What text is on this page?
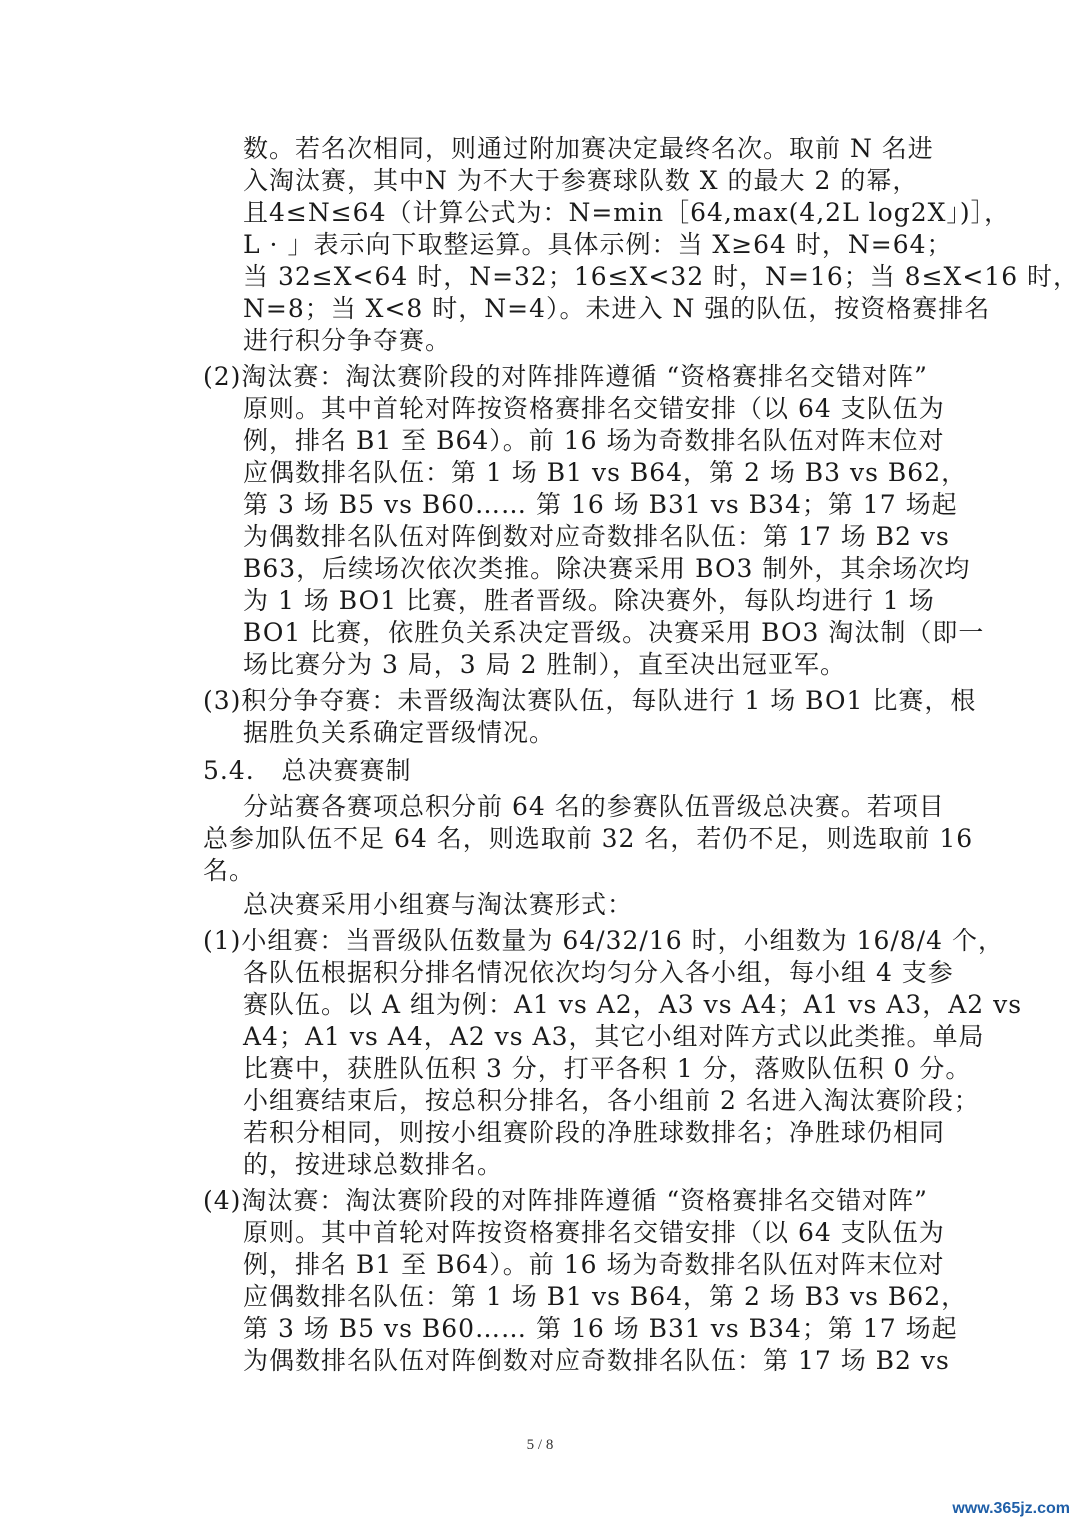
数。若名次相同，则通过附加赛决定最终名次。取前 N 名进
入淘汰赛，其中N 为不大于参赛球队数 X 的最大 2 的幂，
且4≤N≤64（计算公式为：N=min［64,max(4,2L log2X」)］，
L · 」表示向下取整运算。具体示例：当 X≥64 时，N=64；
当 32≤X<64 时，N=32；16≤X<32 时，N=16；当 8≤X<16 时，
N=8；当 X<8 时，N=4）。未进入 N 强的队伍，按资格赛排名
进行积分争夺赛。
(2)淘汰赛：淘汰赛阶段的对阵排阵遵循 “资格赛排名交错对阵”
原则。其中首轮对阵按资格赛排名交错安排（以 64 支队伍为
例，排名 B1 至 B64）。前 16 场为奇数排名队伍对阵末位对
应偶数排名队伍：第 1 场 B1 vs B64，第 2 场 B3 vs B62，
第 3 场 B5 vs B60…… 第 16 场 B31 vs B34；第 17 场起
为偶数排名队伍对阵倒数对应奇数排名队伍：第 17 场 B2 vs
B63，后续场次依次类推。除决赛采用 BO3 制外，其余场次均
为 1 场 BO1 比赛，胜者晋级。除决赛外，每队均进行 1 场
BO1 比赛，依胜负关系决定晋级。决赛采用 BO3 淘汰制（即一
场比赛分为 3 局，3 局 2 胜制），直至决出冠亚军。
(3)积分争夺赛：未晋级淘汰赛队伍，每队进行 1 场 BO1 比赛，根
据胜负关系确定晋级情况。
5.4.   总决赛赛制
分站赛各赛项总积分前 64 名的参赛队伍晋级总决赛。若项目
总参加队伍不足 64 名，则选取前 32 名，若仍不足，则选取前 16
名。
总决赛采用小组赛与淘汰赛形式：
(1)小组赛：当晋级队伍数量为 64/32/16 时，小组数为 16/8/4 个，
各队伍根据积分排名情况依次均匀分入各小组，每小组 4 支参
赛队伍。以 A 组为例：A1 vs A2，A3 vs A4；A1 vs A3，A2 vs
A4；A1 vs A4，A2 vs A3，其它小组对阵方式以此类推。单局
比赛中，获胜队伍积 3 分，打平各积 1 分，落败队伍积 0 分。
小组赛结束后，按总积分排名，各小组前 2 名进入淘汰赛阶段；
若积分相同，则按小组赛阶段的净胜球数排名；净胜球仍相同
的，按进球总数排名。
(4)淘汰赛：淘汰赛阶段的对阵排阵遵循 “资格赛排名交错对阵”
原则。其中首轮对阵按资格赛排名交错安排（以 64 支队伍为
例，排名 B1 至 B64）。前 16 场为奇数排名队伍对阵末位对
应偶数排名队伍：第 1 场 B1 vs B64，第 2 场 B3 vs B62，
第 3 场 B5 vs B60…… 第 16 场 B31 vs B34；第 17 场起
为偶数排名队伍对阵倒数对应奇数排名队伍：第 17 场 B2 vs
5 / 8
www.365jz.com
